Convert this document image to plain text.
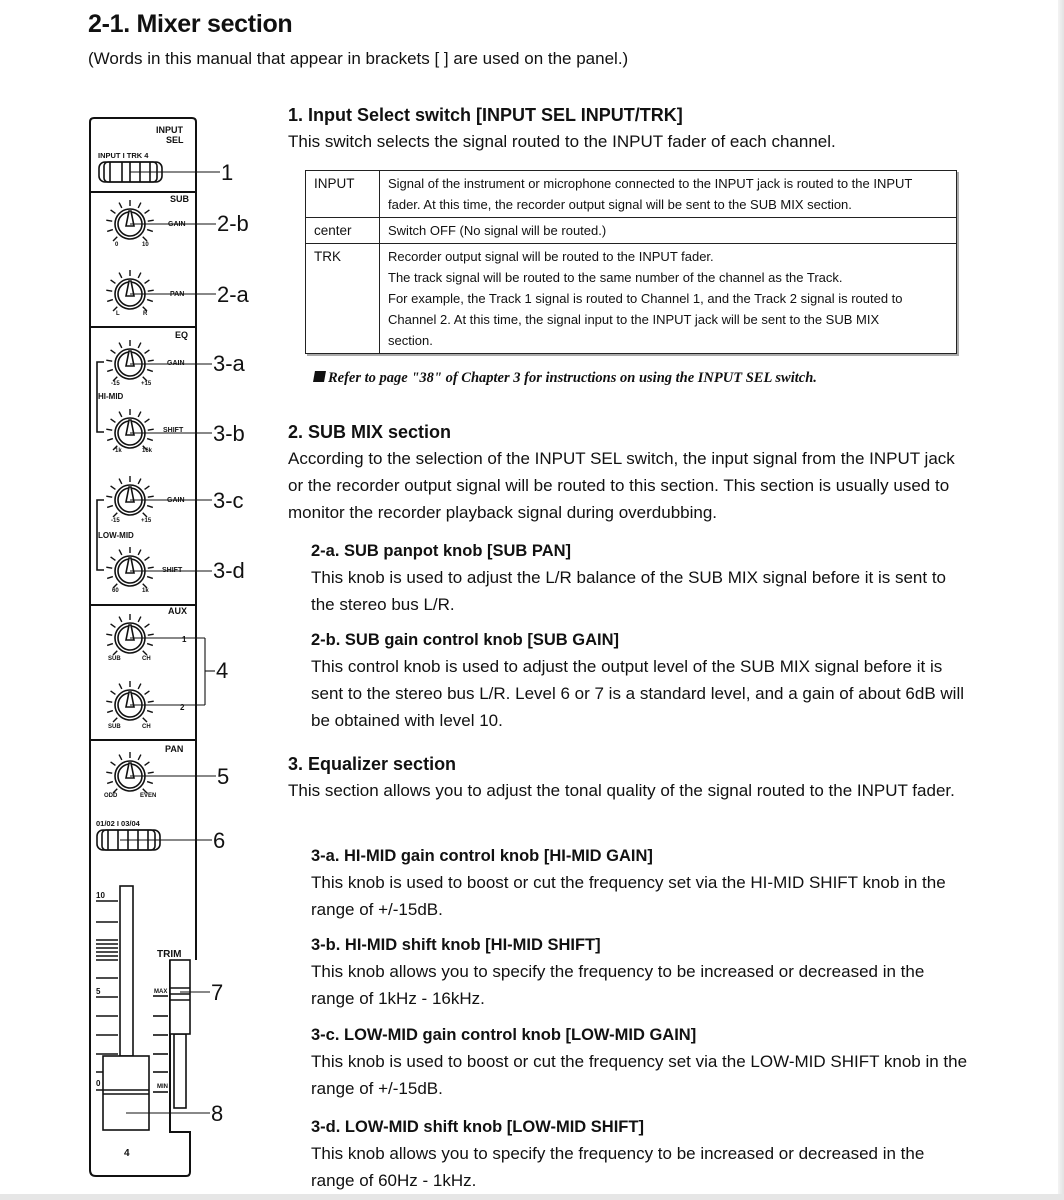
2-1. Mixer section
(Words in this manual that appear in brackets [ ] are used on the panel.)
INPUT
SEL
INPUT I TRK 4
SUB
GAIN
PAN
EQ
GAIN
HI-MID
SHIFT
GAIN
LOW-MID
SHIFT
AUX
1
2
PAN
01/02 I 03/04
TRIM
MAX
MIN
10
5
0
4
0	10
L	R
-15	+15
1k	16k
-15	+15
60	1k
SUB	CH
SUB	CH
ODD	EVEN
1
2-b
2-a
3-a
3-b
3-c
3-d
4
5
6
7
8
1. Input Select switch [INPUT SEL INPUT/TRK]

This switch selects the signal routed to the INPUT fader of each channel.

INPUT	Signal of the instrument or microphone connected to the INPUT jack is routed to the INPUT
fader. At this time, the recorder output signal will be sent to the SUB MIX section.

center	Switch OFF (No signal will be routed.)

TRK	Recorder output signal will be routed to the INPUT fader.
The track signal will be routed to the same number of the channel as the Track.
For example, the Track 1 signal is routed to Channel 1, and the Track 2 signal is routed to
Channel 2. At this time, the signal input to the INPUT jack will be sent to the SUB MIX
section.
Refer to page "38" of Chapter 3 for instructions on using the INPUT SEL switch.
2. SUB MIX section

According to the selection of the INPUT SEL switch, the input signal from the INPUT jack or the recorder output signal will be routed to this section. This section is usually used to monitor the recorder playback signal during overdubbing.

2-a. SUB panpot knob [SUB PAN]

This knob is used to adjust the L/R balance of the SUB MIX signal before it is sent to the stereo bus L/R.

2-b. SUB gain control knob [SUB GAIN]

This control knob is used to adjust the output level of the SUB MIX signal before it is sent to the stereo bus L/R. Level 6 or 7 is a standard level, and a gain of about 6dB will be obtained with level 10.

3. Equalizer section

This section allows you to adjust the tonal quality of the signal routed to the INPUT fader.

3-a. HI-MID gain control knob [HI-MID GAIN]

This knob is used to boost or cut the frequency set via the HI-MID SHIFT knob in the range of +/-15dB.

3-b. HI-MID shift knob [HI-MID SHIFT]

This knob allows you to specify the frequency to be increased or decreased in the range of 1kHz - 16kHz.

3-c. LOW-MID gain control knob [LOW-MID GAIN]

This knob is used to boost or cut the frequency set via the LOW-MID SHIFT knob in the range of +/-15dB.

3-d. LOW-MID shift knob [LOW-MID SHIFT]

This knob allows you to specify the frequency to be increased or decreased in the range of 60Hz - 1kHz.
